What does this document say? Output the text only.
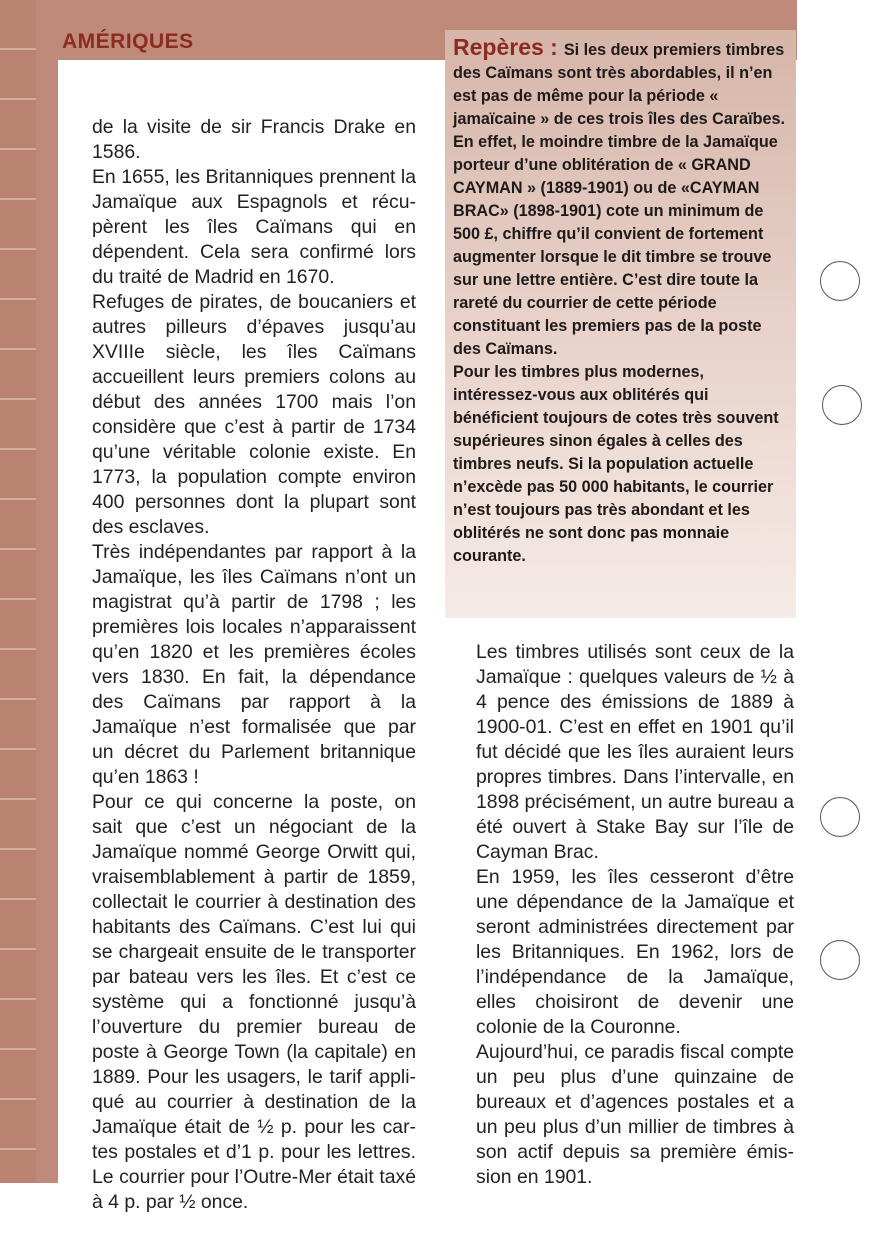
AMÉRIQUES

de la visite de sir Francis Drake en 1586.

En 1655, les Britanniques prennent la Jamaïque aux Espagnols et récu-pèrent les îles Caïmans qui en dépendent. Cela sera confirmé lors du traité de Madrid en 1670.

Refuges de pirates, de boucaniers et autres pilleurs d’épaves jusqu’au XVIIIe siècle, les îles Caïmans accueillent leurs premiers colons au début des années 1700 mais l’on considère que c’est à partir de 1734 qu’une véritable colonie existe. En 1773, la population compte environ 400 personnes dont la plupart sont des esclaves.

Très indépendantes par rapport à la Jamaïque, les îles Caïmans n’ont un magistrat qu’à partir de 1798 ; les premières lois locales n’apparaissent qu’en 1820 et les premières écoles vers 1830. En fait, la dépendance des Caïmans par rapport à la Jamaïque n’est formalisée que par un décret du Parlement britannique qu’en 1863 !

Pour ce qui concerne la poste, on sait que c’est un négociant de la Jamaïque nommé George Orwitt qui, vraisemblablement à partir de 1859, collectait le courrier à destination des habitants des Caïmans. C’est lui qui se chargeait ensuite de le transporter par bateau vers les îles. Et c’est ce système qui a fonctionné jusqu’à l’ouverture du premier bureau de poste à George Town (la capitale) en 1889. Pour les usagers, le tarif appli-qué au courrier à destination de la Jamaïque était de ½ p. pour les car-tes postales et d’1 p. pour les lettres. Le courrier pour l’Outre-Mer était taxé à 4 p. par ½ once.

Repères : Si les deux premiers timbres des Caïmans sont très abordables, il n’en est pas de même pour la période « jamaïcaine » de ces trois îles des Caraïbes. En effet, le moindre timbre de la Jamaïque porteur d’une oblitération de « GRAND CAYMAN » (1889-1901) ou de «CAYMAN BRAC» (1898-1901) cote un minimum de 500 £, chiffre qu’il convient de fortement augmenter lorsque le dit timbre se trouve sur une lettre entière. C’est dire toute la rareté du courrier de cette période constituant les premiers pas de la poste des Caïmans.

Pour les timbres plus modernes, intéressez-vous aux oblitérés qui bénéficient toujours de cotes très souvent supérieures sinon égales à celles des timbres neufs. Si la population actuelle n’excède pas 50 000 habitants, le courrier n’est toujours pas très abondant et les oblitérés ne sont donc pas monnaie courante.

Les timbres utilisés sont ceux de la Jamaïque : quelques valeurs de ½ à 4 pence des émissions de 1889 à 1900-01. C’est en effet en 1901 qu’il fut décidé que les îles auraient leurs propres timbres. Dans l’intervalle, en 1898 précisément, un autre bureau a été ouvert à Stake Bay sur l’île de Cayman Brac.

En 1959, les îles cesseront d’être une dépendance de la Jamaïque et seront administrées directement par les Britanniques. En 1962, lors de l’indépendance de la Jamaïque, elles choisiront de devenir une colonie de la Couronne.

Aujourd’hui, ce paradis fiscal compte un peu plus d’une quinzaine de bureaux et d’agences postales et a un peu plus d’un millier de timbres à son actif depuis sa première émis-sion en 1901.
